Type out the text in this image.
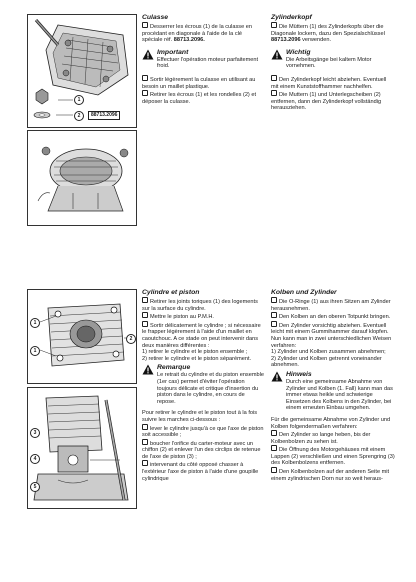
1
2	88713.2096

Culasse

Desserrer les écrous (1) de la culasse en procédant en diagonale à l'aide de la clé spéciale réf. 88713.2096.

Important

Effectuer l'opération moteur parfaitement froid.

Sortir légèrement la culasse en utilisant au besoin un maillet plastique.

Retirer les écrous (1) et les rondelles (2) et déposer la culasse.

Zylinderkopf

Die Müttern (1) des Zylinderkopfs über die Diagonale lockern, dazu den Spezialschlüssel 88713.2096 verwenden.

Wichtig

Die Arbeitsgänge bei kaltem Motor vornehmen.

Den Zylinderkopf leicht abziehen. Eventuell mit einem Kunststoffhammer nachhelfen.

Die Muttern (1) und Unterlegscheiben (2) entfernen, dann den Zylinderkopf vollständig herausziehen.

1
1
2
3
4
5

Cylindre et piston

Retirer les joints toriques (1) des logements sur la surface du cylindre.

Mettre le piston au P.M.H.

Sortir délicatement le cylindre ; si nécessaire le frapper légèrement à l'aide d'un maillet en caoutchouc. A ce stade on peut intervenir dans deux manières différentes :

1) retirer le cylindre et le piston ensemble ;

2) retirer le cylindre et le piston séparément.

Remarque

Le retrait du cylindre et du piston ensemble (1er cas) permet d'éviter l'opération toujours délicate et critique d'insertion du piston dans le cylindre, en cours de repose.

Pour retirer le cylindre et le piston tout à la fois suivre les marches ci-dessous :

lever le cylindre jusqu'à ce que l'axe de piston soit accessible ;

boucher l'orifice du carter-moteur avec un chiffon (2) et enlever l'un des circlips de retenue de l'axe de piston (3) ;

intervenant du côté opposé chasser à l'extérieur l'axe de piston à l'aide d'une goupille cylindrique

Kolben und Zylinder

Die O-Ringe (1) aus ihren Sitzen am Zylinder herausnehmen.

Den Kolben an den oberen Totpunkt bringen.

Den Zylinder vorsichtig abziehen. Eventuell leicht mit einem Gummihammer darauf klopfen. Nun kann man in zwei unterschiedlichen Weisen verfahren:

1) Zylinder und Kolben zusammen abnehmen;

2) Zylinder und Kolben getrennt voneinander abnehmen.

Hinweis

Durch eine gemeinsame Abnahme von Zylinder und Kolben (1. Fall) kann man das immer etwas heikle und schwierige Einsetzen des Kolbens in den Zylinder, bei einem erneuten Einbau umgehen.

Für die gemeinsame Abnahme von Zylinder und Kolben folgendermaßen verfahren:

Den Zylinder so lange heben, bis der Kolbenbolzen zu sehen ist.

Die Öffnung des Motorgehäuses mit einem Lappen (2) verschließen und einen Sprengring (3) des Kolbenbolzens entfernen.

Den Kolbenbolzen auf der anderen Seite mit einem zylindrischen Dorn nur so weit heraus-
